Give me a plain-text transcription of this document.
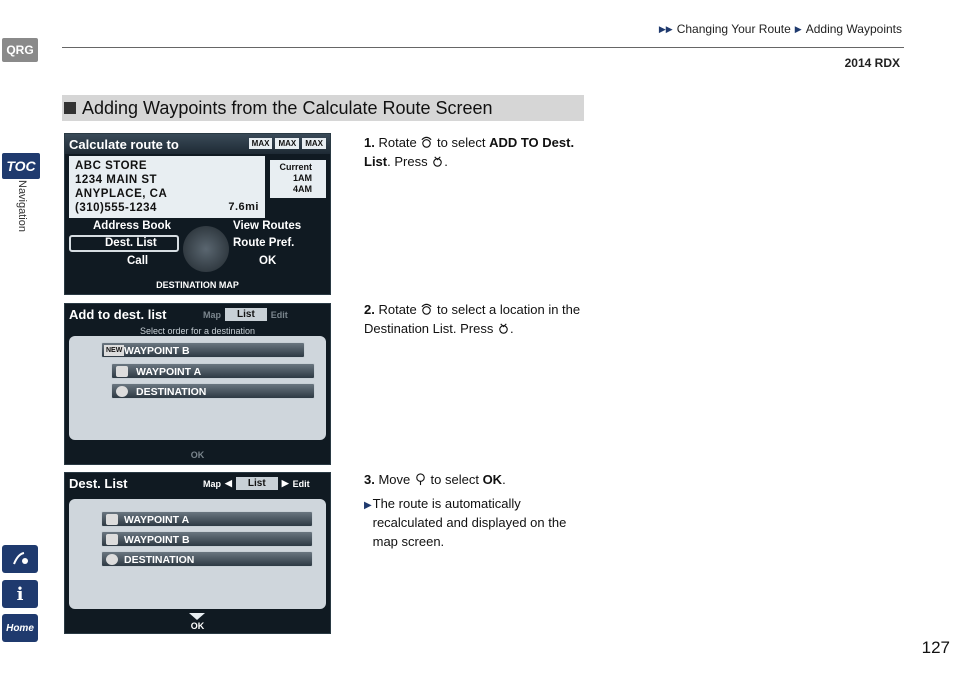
QRG
TOC
Navigation
i
Home
▶▶ Changing Your Route ▶ Adding Waypoints
2014 RDX
Adding Waypoints from the Calculate Route Screen
Calculate route to	MAX	MAX	MAX
ABC STORE
1234 MAIN ST
ANYPLACE, CA
(310)555-1234	7.6mi
Current
1AM
4AM
Address Book	View Routes
Dest. List	Route Pref.
Call	OK
DESTINATION MAP
Add to dest. list	Map	List	Edit
Select order for a destination
NEW WAYPOINT B
WAYPOINT A
DESTINATION
OK
Dest. List	Map ◀	List	▶ Edit
WAYPOINT A
WAYPOINT B
DESTINATION
OK
1. Rotate to select ADD TO Dest. List. Press .
2. Rotate to select a location in the Destination List. Press .
3. Move to select OK.
▶ The route is automatically recalculated and displayed on the map screen.
127
